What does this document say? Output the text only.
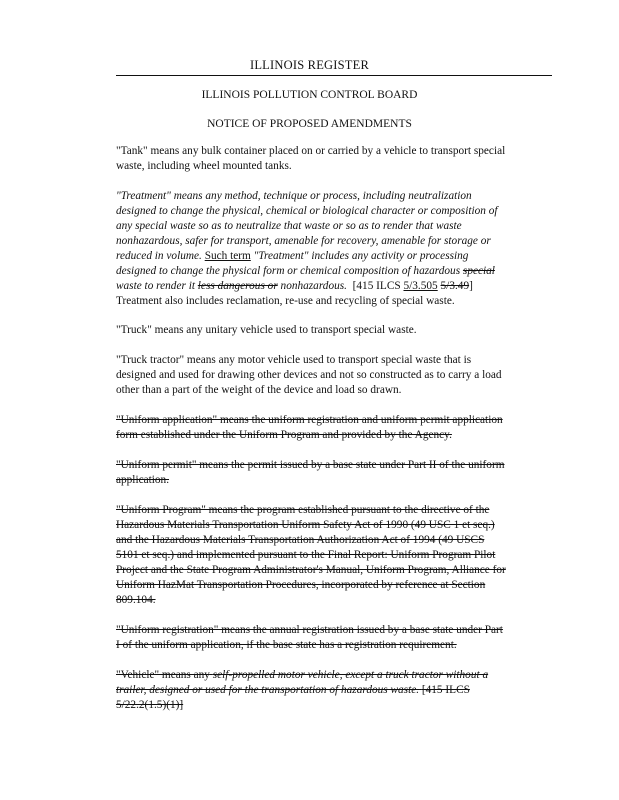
ILLINOIS REGISTER
ILLINOIS POLLUTION CONTROL BOARD
NOTICE OF PROPOSED AMENDMENTS

"Tank" means any bulk container placed on or carried by a vehicle to transport special waste, including wheel mounted tanks.

"Treatment" means any method, technique or process, including neutralization designed to change the physical, chemical or biological character or composition of any special waste so as to neutralize that waste or so as to render that waste nonhazardous, safer for transport, amenable for recovery, amenable for storage or reduced in volume. Such term "Treatment" includes any activity or processing designed to change the physical form or chemical composition of hazardous special waste to render it less dangerous or nonhazardous. [415 ILCS 5/3.505 5/3.49] Treatment also includes reclamation, re-use and recycling of special waste.

"Truck" means any unitary vehicle used to transport special waste.

"Truck tractor" means any motor vehicle used to transport special waste that is designed and used for drawing other devices and not so constructed as to carry a load other than a part of the weight of the device and load so drawn.

"Uniform application" means the uniform registration and uniform permit application form established under the Uniform Program and provided by the Agency.

"Uniform permit" means the permit issued by a base state under Part II of the uniform application.

"Uniform Program" means the program established pursuant to the directive of the Hazardous Materials Transportation Uniform Safety Act of 1990 (49 USC 1 et seq.) and the Hazardous Materials Transportation Authorization Act of 1994 (49 USCS 5101 et seq.) and implemented pursuant to the Final Report: Uniform Program Pilot Project and the State Program Administrator's Manual, Uniform Program, Alliance for Uniform HazMat Transportation Procedures, incorporated by reference at Section 809.104.

"Uniform registration" means the annual registration issued by a base state under Part I of the uniform application, if the base state has a registration requirement.

"Vehicle" means any self-propelled motor vehicle, except a truck tractor without a trailer, designed or used for the transportation of hazardous waste. [415 ILCS 5/22.2(1.5)(1)]
